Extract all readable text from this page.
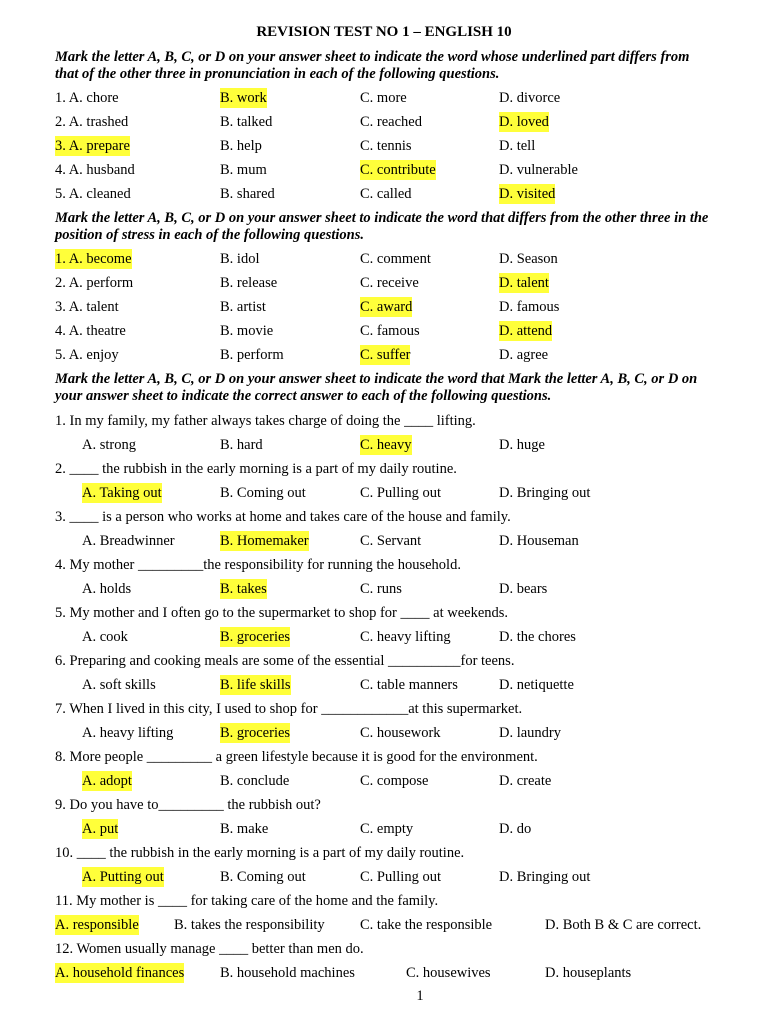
REVISION TEST NO 1 – ENGLISH 10
Mark the letter A, B, C, or D on your answer sheet to indicate the word whose underlined part differs from that of the other three in pronunciation in each of the following questions.
1. A. chore	B. work	C. more	D. divorce
2. A. trashed	B. talked	C. reached	D. loved
3. A. prepare	B. help	C. tennis	D. tell
4. A. husband	B. mum	C. contribute	D. vulnerable
5. A. cleaned	B. shared	C. called	D. visited
Mark the letter A, B, C, or D on your answer sheet to indicate the word that differs from the other three in the position of stress in each of the following questions.
1. A. become	B. idol	C. comment	D. Season
2. A. perform	B. release	C. receive	D. talent
3. A. talent	B. artist	C. award	D. famous
4. A. theatre	B. movie	C. famous	D. attend
5. A. enjoy	B. perform	C. suffer	D. agree
Mark the letter A, B, C, or D on your answer sheet to indicate the word that Mark the letter A, B, C, or D on your answer sheet to indicate the correct answer to each of the following questions.
1. In my family, my father always takes charge of doing the ____ lifting.
A. strong	B. hard	C. heavy	D. huge
2. ____ the rubbish in the early morning is a part of my daily routine.
A. Taking out	B. Coming out	C. Pulling out	D. Bringing out
3. ____ is a person who works at home and takes care of the house and family.
A. Breadwinner	B. Homemaker	C. Servant	D. Houseman
4. My mother _________the responsibility for running the household.
A. holds	B. takes	C. runs	D. bears
5. My mother and I often go to the supermarket to shop for ____ at weekends.
A. cook	B. groceries	C. heavy lifting	D. the chores
6. Preparing and cooking meals are some of the essential __________for teens.
A. soft skills	B. life skills	C. table manners	D. netiquette
7. When I lived in this city, I used to shop for ____________at this supermarket.
A. heavy lifting	B. groceries	C. housework	D. laundry
8. More people _________ a green lifestyle because it is good for the environment.
A. adopt	B. conclude	C. compose	D. create
9. Do you have to_________ the rubbish out?
A. put	B. make	C. empty	D. do
10. ____ the rubbish in the early morning is a part of my daily routine.
A. Putting out	B. Coming out	C. Pulling out	D. Bringing out
11. My mother is ____ for taking care of the home and the family.
A. responsible B. takes the responsibility C. take the responsible	D. Both B & C are correct.
12. Women usually manage ____ better than men do.
A. household finances B. household machines	C. housewives	D. houseplants
1
